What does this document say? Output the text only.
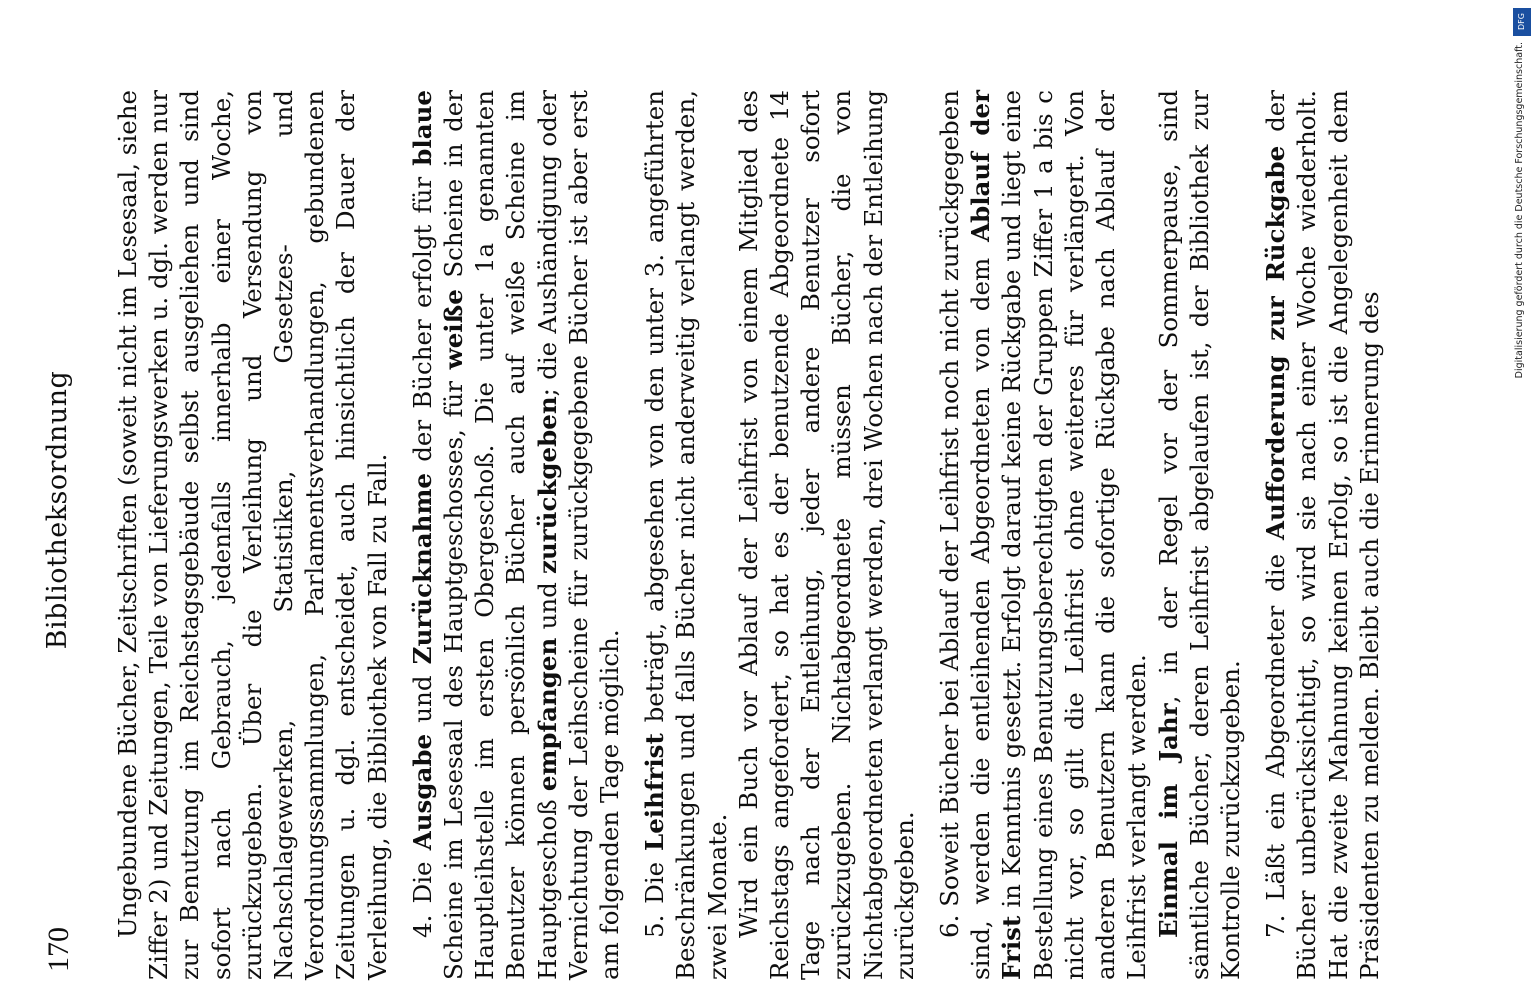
170
Bibliotheksordnung Ungebundene Bücher, Zeitschriften (soweit nicht im Lesesaal, siehe Ziffer 2) und Zeitungen, Teile von Lieferungswerken u. dgl. werden nur zur Benutzung im Reichstagsgebäude selbst ausgeliehen und sind sofort nach Gebrauch, jedenfalls innerhalb einer Woche, zurückzugeben. Über die Verleihung und Versendung von Nachschlagewerken, Statistiken, Gesetzes- und Verordnungssammlungen, Parlamentsverhandlungen, gebundenen Zeitungen u. dgl. entscheidet, auch hinsichtlich der Dauer der Verleihung, die Bibliothek von Fall zu Fall. 4. Die Ausgabe und Zurücknahme der Bücher erfolgt für blaue Scheine im Lesesaal des Hauptgeschosses, für weiße Scheine in der Hauptleihstelle im ersten Obergeschoß. Die unter 1a genannten Benutzer können persönlich Bücher auch auf weiße Scheine im Hauptgeschoß empfangen und zurückgeben; die Aushändigung oder Vernichtung der Leihscheine für zurückgegebene Bücher ist aber erst am folgenden Tage möglich. 5. Die Leihfrist beträgt, abgesehen von den unter 3. angeführten Beschränkungen und falls Bücher nicht anderweitig verlangt werden, zwei Monate. Wird ein Buch vor Ablauf der Leihfrist von einem Mitglied des Reichstags angefordert, so hat es der benutzende Abgeordnete 14 Tage nach der Entleihung, jeder andere Benutzer sofort zurückzugeben. Nichtabgeordnete müssen Bücher, die von Nichtabgeordneten verlangt werden, drei Wochen nach der Entleihung zurückgeben. 6. Soweit Bücher bei Ablauf der Leihfrist noch nicht zurückgegeben sind, werden die entleihenden Abgeordneten von dem Ablauf der Frist in Kenntnis gesetzt. Erfolgt darauf keine Rückgabe und liegt eine Bestellung eines Benutzungsberechtigten der Gruppen Ziffer 1 a bis c nicht vor, so gilt die Leihfrist ohne weiteres für verlängert. Von anderen Benutzern kann die sofortige Rückgabe nach Ablauf der Leihfrist verlangt werden. Einmal im Jahr, in der Regel vor der Sommerpause, sind sämtliche Bücher, deren Leihfrist abgelaufen ist, der Bibliothek zur Kontrolle zurückzugeben. 7. Läßt ein Abgeordneter die Aufforderung zur Rückgabe der Bücher unberücksichtigt, so wird sie nach einer Woche wiederholt. Hat die zweite Mahnung keinen Erfolg, so ist die Angelegenheit dem Präsidenten zu melden. Bleibt auch die Erinnerung des

DFG
Digitalisierung gefördert durch die Deutsche Forschungsgemeinschaft.
